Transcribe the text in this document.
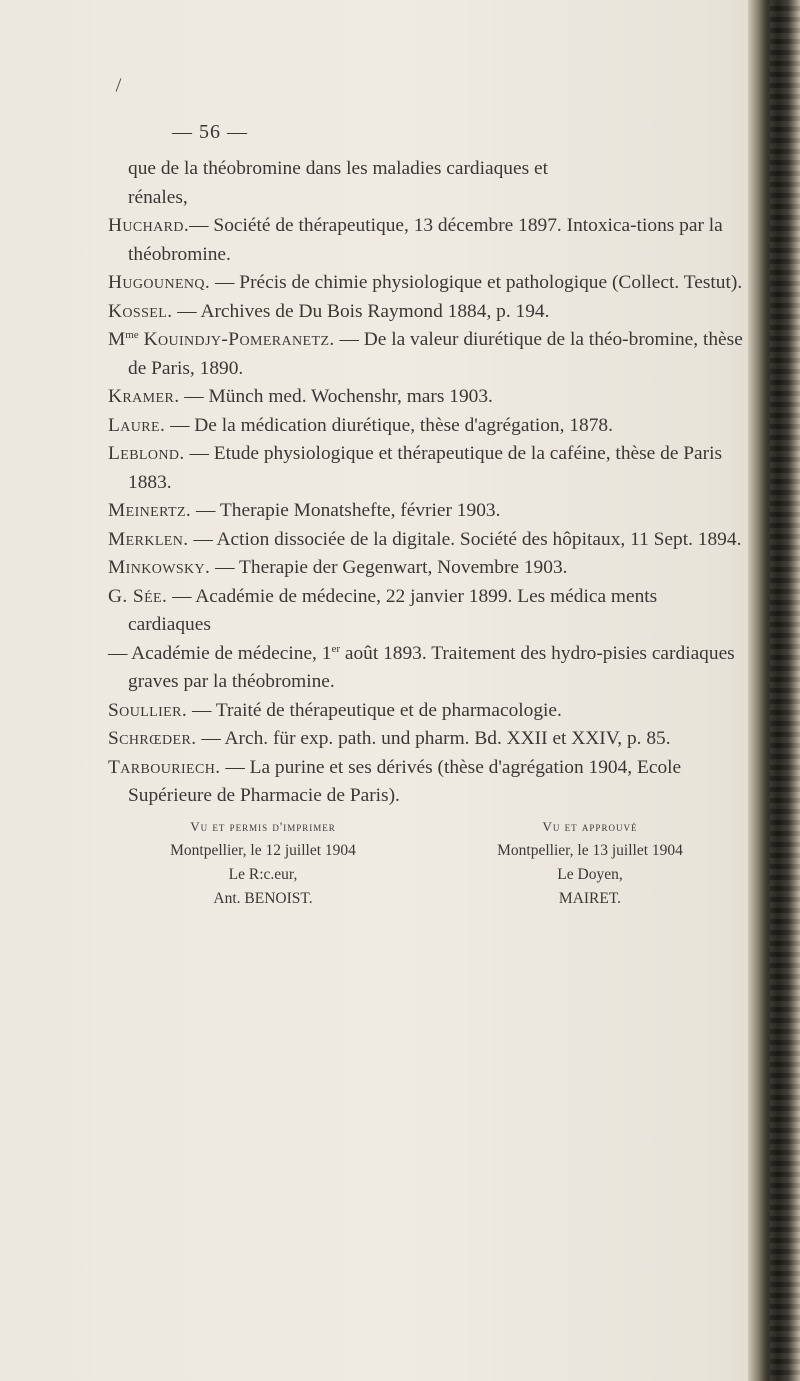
— 56 —

que de la théobromine dans les maladies cardiaques et

rénales,

Huchard.— Société de thérapeutique, 13 décembre 1897. Intoxica-tions par la théobromine.

Hugounenq. — Précis de chimie physiologique et pathologique (Collect. Testut).

Kossel. — Archives de Du Bois Raymond 1884, p. 194.

$M^{me}$ Kouindjy-Pomeranetz. — De la valeur diurétique de la théo-bromine, thèse de Paris, 1890.

Kramer. — Münch med. Wochenshr, mars 1903.

Laure. — De la médication diurétique, thèse d'agrégation, 1878.

Leblond. — Etude physiologique et thérapeutique de la caféine, thèse de Paris 1883.

Meinertz. — Therapie Monatshefte, février 1903.

Merklen. — Action dissociée de la digitale. Société des hôpitaux, 11 Sept. 1894.

Minkowsky. — Therapie der Gegenwart, Novembre 1903.

G. Sée. — Académie de médecine, 22 janvier 1899. Les médica ments cardiaques

— Académie de médecine, 1er août 1893. Traitement des hydro-pisies cardiaques graves par la théobromine.

Soullier. — Traité de thérapeutique et de pharmacologie.

Schrœder. — Arch. für exp. path. und pharm. Bd. XXII et XXIV, p. 85.

Tarbouriech. — La purine et ses dérivés (thèse d'agrégation 1904, Ecole Supérieure de Pharmacie de Paris).

Vu et permis d'imprimer
Montpellier, le 12 juillet 1904
Le R:c.eur,
Ant. BENOIST.
Vu et approuvé
Montpellier, le 13 juillet 1904
Le Doyen,
MAIRET.
